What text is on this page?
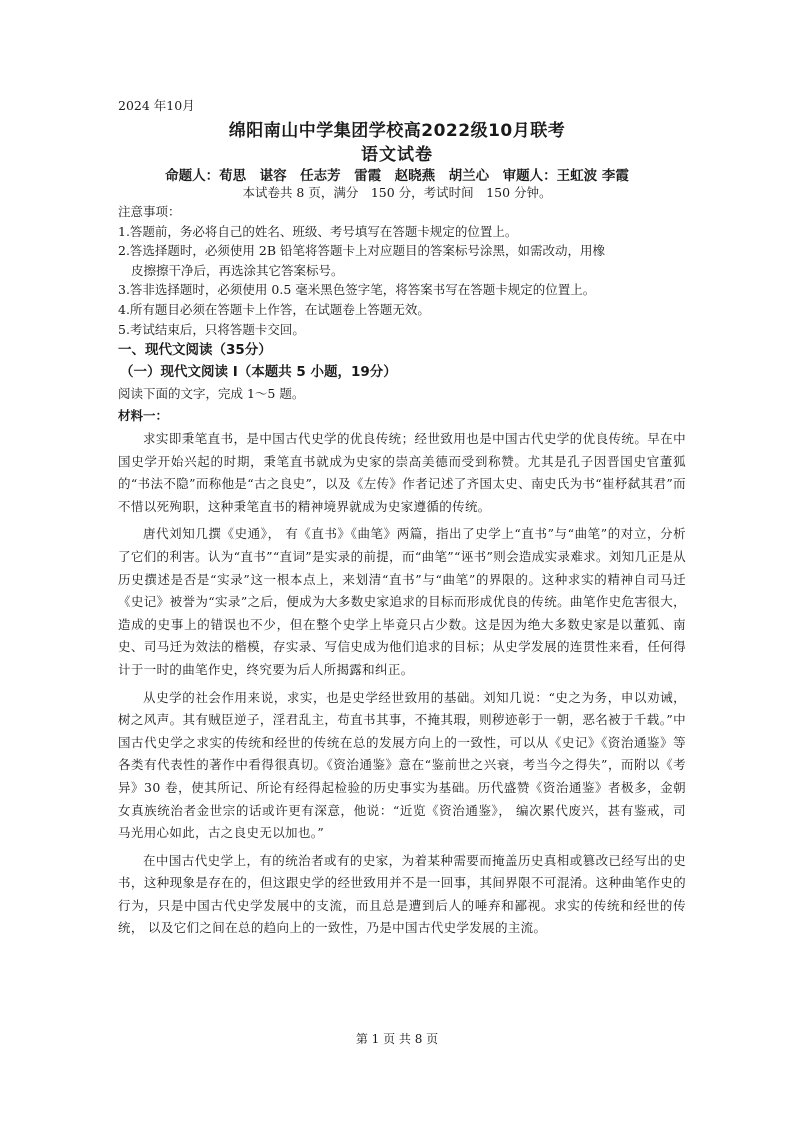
2024 年10月
绵阳南山中学集团学校高2022级10月联考
语文试卷
命题人：荀思　谌容　任志芳　雷霞　赵晓燕　胡兰心　审题人：王虹波 李霞
本试卷共 8 页，满分　150 分，考试时间　150 分钟。

注意事项：

1.答题前，务必将自己的姓名、班级、考号填写在答题卡规定的位置上。

2.答选择题时，必须使用 2B 铅笔将答题卡上对应题目的答案标号涂黑，如需改动，用橡

皮擦擦干净后，再选涂其它答案标号。

3.答非选择题时，必须使用 0.5 毫米黑色签字笔，将答案书写在答题卡规定的位置上。

4.所有题目必须在答题卡上作答，在试题卷上答题无效。

5.考试结束后，只将答题卡交回。

一、现代文阅读（35分）
（一）现代文阅读 I（本题共 5 小题，19分）
阅读下面的文字，完成 1～5 题。
材料一：

求实即秉笔直书，是中国古代史学的优良传统；经世致用也是中国古代史学的优良传统。早在中国史学开始兴起的时期，秉笔直书就成为史家的崇高美德而受到称赞。尤其是孔子因晋国史官董狐的“书法不隐”而称他是“古之良史”，以及《左传》作者记述了齐国太史、南史氏为书“崔杼弑其君”而不惜以死殉职，这种秉笔直书的精神境界就成为史家遵循的传统。

唐代刘知几撰《史通》， 有《直书》《曲笔》两篇，指出了史学上“直书”与“曲笔”的对立，分析了它们的利害。认为“直书”“直词”是实录的前提，而“曲笔”“诬书”则会造成实录难求。刘知几正是从历史撰述是否是“实录”这一根本点上，来划清“直书”与“曲笔”的界限的。这种求实的精神自司马迁《史记》被誉为“实录”之后，便成为大多数史家追求的目标而形成优良的传统。曲笔作史危害很大，造成的史事上的错误也不少，但在整个史学上毕竟只占少数。这是因为绝大多数史家是以董狐、南史、司马迁为效法的楷模，存实录、写信史成为他们追求的目标；从史学发展的连贯性来看，任何得计于一时的曲笔作史，终究要为后人所揭露和纠正。

从史学的社会作用来说，求实，也是史学经世致用的基础。刘知几说：“史之为务，申以劝诫，树之风声。其有贼臣逆子，淫君乱主，苟直书其事，不掩其瑕，则秽迹彰于一朝，恶名被于千载。”中国古代史学之求实的传统和经世的传统在总的发展方向上的一致性，可以从《史记》《资治通鉴》等各类有代表性的著作中看得很真切。《资治通鉴》意在“鉴前世之兴衰，考当今之得失”，而附以《考异》30 卷，使其所记、所论有经得起检验的历史事实为基础。历代盛赞《资治通鉴》者极多，金朝女真族统治者金世宗的话或许更有深意，他说：“近览《资治通鉴》， 编次累代废兴，甚有鉴戒，司马光用心如此，古之良史无以加也。”

在中国古代史学上，有的统治者或有的史家，为着某种需要而掩盖历史真相或篡改已经写出的史书，这种现象是存在的，但这跟史学的经世致用并不是一回事，其间界限不可混淆。这种曲笔作史的行为，只是中国古代史学发展中的支流，而且总是遭到后人的唾弃和鄙视。求实的传统和经世的传统， 以及它们之间在总的趋向上的一致性，乃是中国古代史学发展的主流。

第 1 页 共 8 页
